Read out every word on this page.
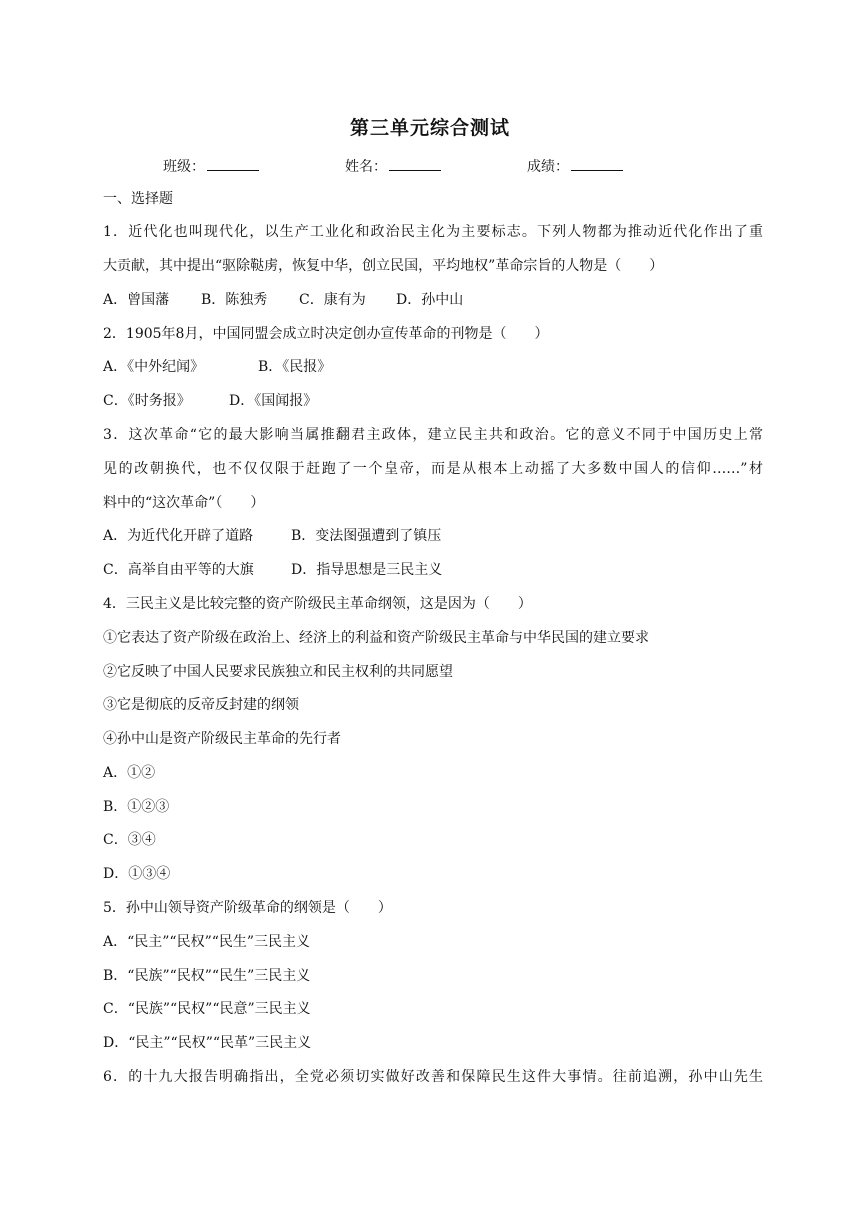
第三单元综合测试
班级：	姓名：	成绩：
一、选择题
1．近代化也叫现代化，以生产工业化和政治民主化为主要标志。下列人物都为推动近代化作出了重
大贡献，其中提出“驱除鞑虏，恢复中华，创立民国，平均地权”革命宗旨的人物是（　　）
A．曾国藩 B．陈独秀 C．康有为 D．孙中山
2．1905年8月，中国同盟会成立时决定创办宣传革命的刊物是（　　）
A．《中外纪闻》	B．《民报》
C．《时务报》	D．《国闻报》
3．这次革命“它的最大影响当属推翻君主政体，建立民主共和政治。它的意义不同于中国历史上常
见的改朝换代，也不仅仅限于赶跑了一个皇帝，而是从根本上动摇了大多数中国人的信仰……”材
料中的“这次革命”（　　）
A．为近代化开辟了道路	B．变法图强遭到了镇压
C．高举自由平等的大旗	D．指导思想是三民主义
4．三民主义是比较完整的资产阶级民主革命纲领，这是因为（　　）
①它表达了资产阶级在政治上、经济上的利益和资产阶级民主革命与中华民国的建立要求
②它反映了中国人民要求民族独立和民主权利的共同愿望
③它是彻底的反帝反封建的纲领
④孙中山是资产阶级民主革命的先行者
A．①②
B．①②③
C．③④
D．①③④
5．孙中山领导资产阶级革命的纲领是（　　）
A．“民主”“民权”“民生”三民主义
B．“民族”“民权”“民生”三民主义
C．“民族”“民权”“民意”三民主义
D．“民主”“民权”“民革”三民主义
6．的十九大报告明确指出，全党必须切实做好改善和保障民生这件大事情。往前追溯，孙中山先生
